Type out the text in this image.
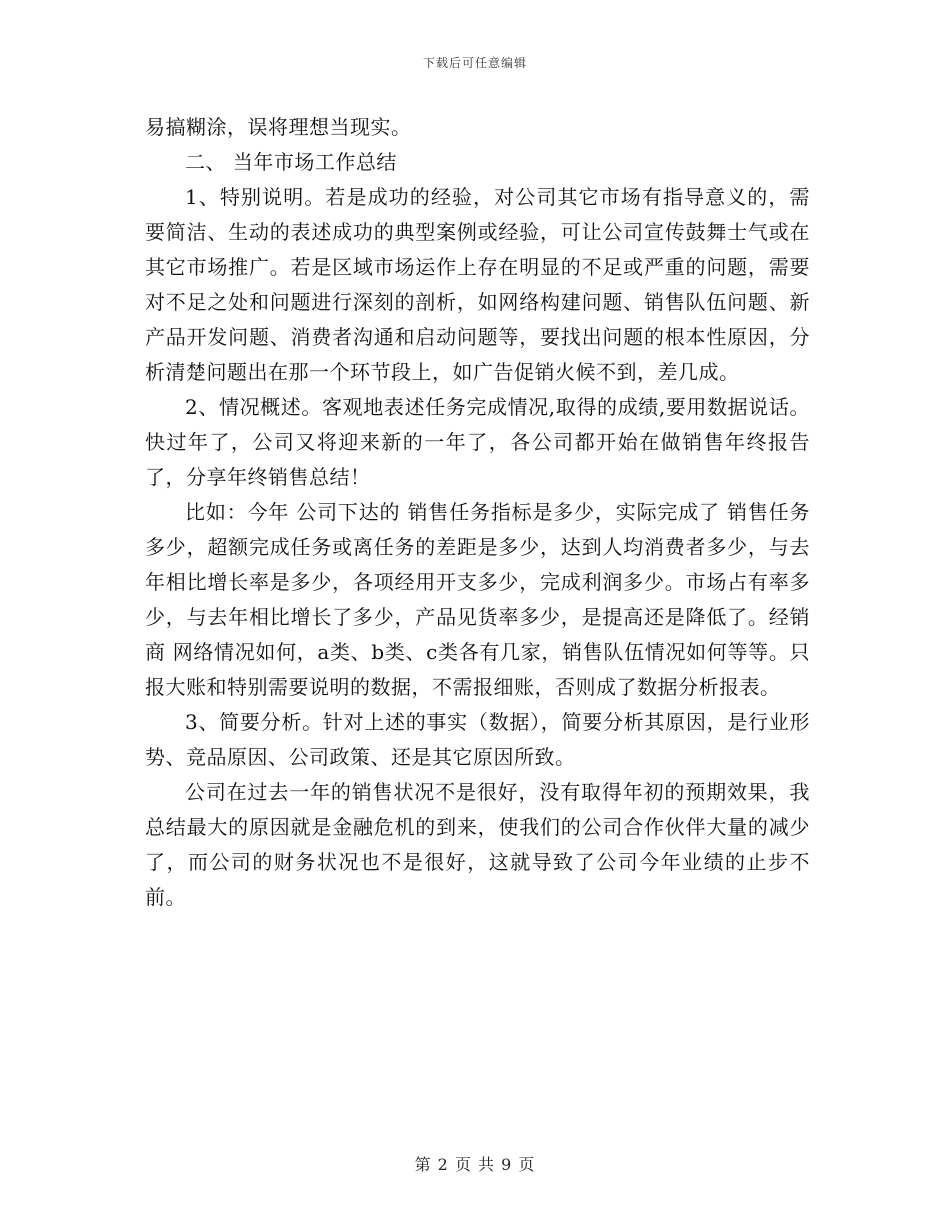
下载后可任意编辑

易搞糊涂，误将理想当现实。

二、 当年市场工作总结

1、特别说明。若是成功的经验，对公司其它市场有指导意义的，需要简洁、生动的表述成功的典型案例或经验，可让公司宣传鼓舞士气或在其它市场推广。若是区域市场运作上存在明显的不足或严重的问题，需要对不足之处和问题进行深刻的剖析，如网络构建问题、销售队伍问题、新产品开发问题、消费者沟通和启动问题等，要找出问题的根本性原因，分析清楚问题出在那一个环节段上，如广告促销火候不到，差几成。

2、情况概述。客观地表述任务完成情况,取得的成绩,要用数据说话。快过年了，公司又将迎来新的一年了，各公司都开始在做销售年终报告了，分享年终销售总结！

比如：今年 公司下达的 销售任务指标是多少，实际完成了 销售任务多少，超额完成任务或离任务的差距是多少，达到人均消费者多少，与去年相比增长率是多少，各项经用开支多少，完成利润多少。市场占有率多少，与去年相比增长了多少，产品见货率多少，是提高还是降低了。经销商 网络情况如何，a类、b类、c类各有几家，销售队伍情况如何等等。只报大账和特别需要说明的数据，不需报细账，否则成了数据分析报表。

3、简要分析。针对上述的事实（数据），简要分析其原因，是行业形势、竞品原因、公司政策、还是其它原因所致。

公司在过去一年的销售状况不是很好，没有取得年初的预期效果，我总结最大的原因就是金融危机的到来，使我们的公司合作伙伴大量的减少了，而公司的财务状况也不是很好，这就导致了公司今年业绩的止步不前。

第 2 页 共 9 页
